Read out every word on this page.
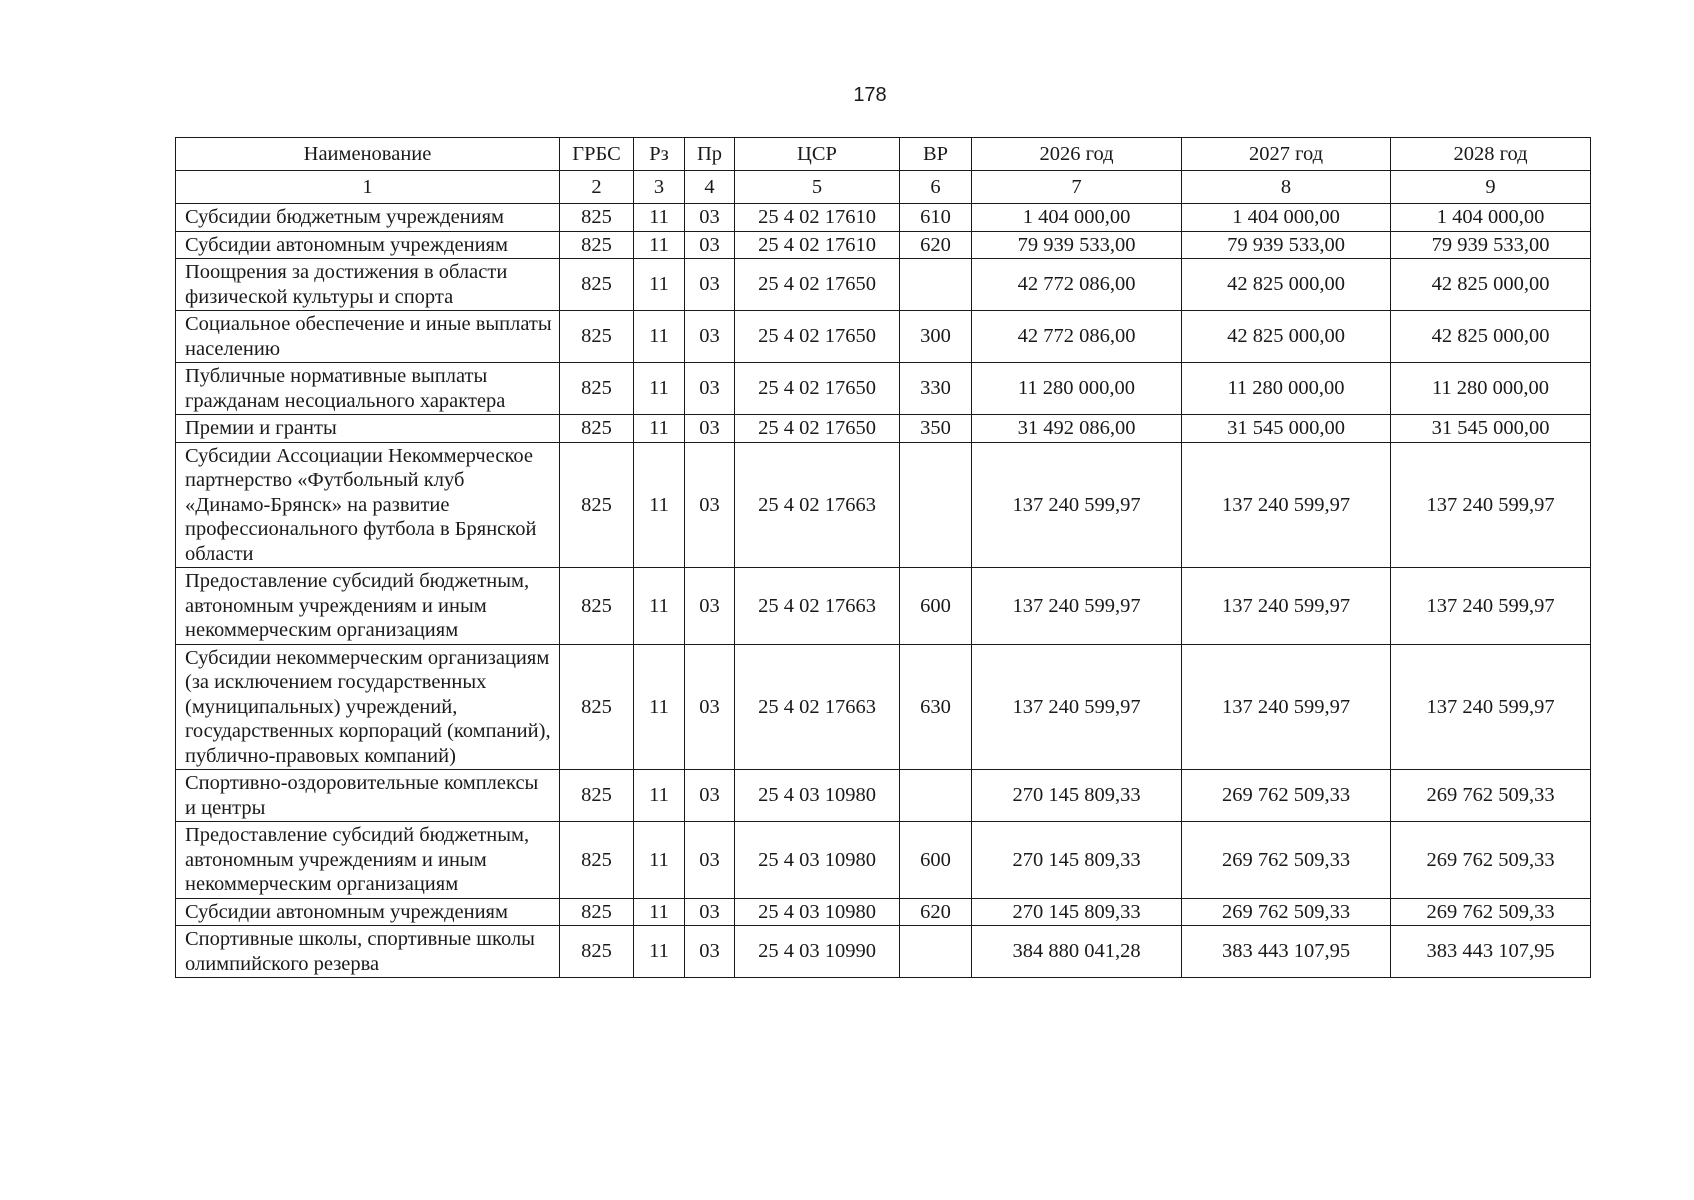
178
Наименование	ГРБС	Рз	Пр	ЦСР	ВР	2026 год	2027 год	2028 год
1	2	3	4	5	6	7	8	9
Субсидии бюджетным учреждениям	825	11	03	25 4 02 17610	610	1 404 000,00	1 404 000,00	1 404 000,00
Субсидии автономным учреждениям	825	11	03	25 4 02 17610	620	79 939 533,00	79 939 533,00	79 939 533,00
Поощрения за достижения в области физической культуры и спорта	825	11	03	25 4 02 17650		42 772 086,00	42 825 000,00	42 825 000,00
Социальное обеспечение и иные выплаты населению	825	11	03	25 4 02 17650	300	42 772 086,00	42 825 000,00	42 825 000,00
Публичные нормативные выплаты гражданам несоциального характера	825	11	03	25 4 02 17650	330	11 280 000,00	11 280 000,00	11 280 000,00
Премии и гранты	825	11	03	25 4 02 17650	350	31 492 086,00	31 545 000,00	31 545 000,00
Субсидии Ассоциации Некоммерческое партнерство «Футбольный клуб «Динамо-Брянск» на развитие профессионального футбола в Брянской области	825	11	03	25 4 02 17663		137 240 599,97	137 240 599,97	137 240 599,97
Предоставление субсидий бюджетным, автономным учреждениям и иным некоммерческим организациям	825	11	03	25 4 02 17663	600	137 240 599,97	137 240 599,97	137 240 599,97
Субсидии некоммерческим организациям (за исключением государственных (муниципальных) учреждений, государственных корпораций (компаний), публично-правовых компаний)	825	11	03	25 4 02 17663	630	137 240 599,97	137 240 599,97	137 240 599,97
Спортивно-оздоровительные комплексы и центры	825	11	03	25 4 03 10980		270 145 809,33	269 762 509,33	269 762 509,33
Предоставление субсидий бюджетным, автономным учреждениям и иным некоммерческим организациям	825	11	03	25 4 03 10980	600	270 145 809,33	269 762 509,33	269 762 509,33
Субсидии автономным учреждениям	825	11	03	25 4 03 10980	620	270 145 809,33	269 762 509,33	269 762 509,33
Спортивные школы, спортивные школы олимпийского резерва	825	11	03	25 4 03 10990		384 880 041,28	383 443 107,95	383 443 107,95
